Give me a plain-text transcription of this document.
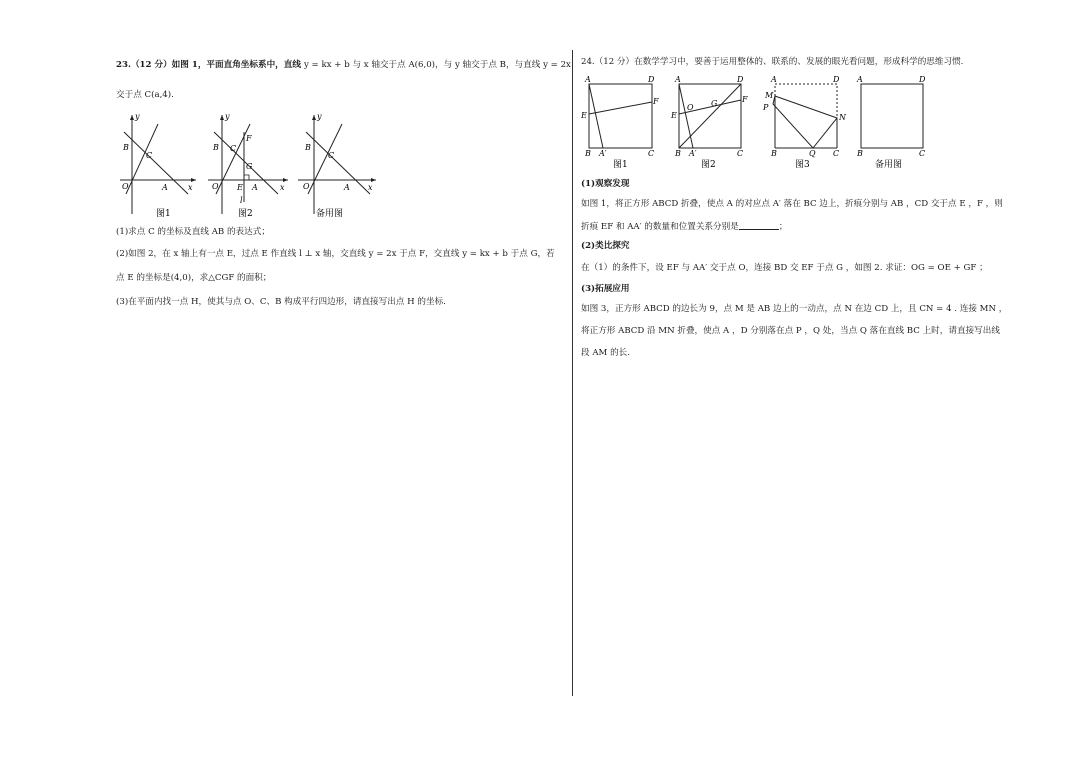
23.（12 分）如图 1，平面直角坐标系中，直线 y = kx + b 与 x 轴交于点 A(6,0)，与 y 轴交于点 B，与直线 y = 2x
交于点 C(a,4).
y
x
O	A
B
C
图1
y
x
O	A
B C
F
G
E
l
图2
y
x
O	A
B
C
备用图
(1)求点 C 的坐标及直线 AB 的表达式；
(2)如图 2，在 x 轴上有一点 E，过点 E 作直线 l ⊥ x 轴，交直线 y = 2x 于点 F，交直线 y = kx + b 于点 G，若
点 E 的坐标是(4,0)，求△CGF 的面积；
(3)在平面内找一点 H，使其与点 O、C、B 构成平行四边形，请直接写出点 H 的坐标.
24.（12 分）在数学学习中，要善于运用整体的、联系的、发展的眼光看问题，形成科学的思维习惯.
A	D
B A′	C
E
F
图1
A	D
B A′	C
E
F
O G
图2
A	D
B	Q C
M
P
N
图3
A	D
B	C
备用图
(1)观察发现
如图 1，将正方形 ABCD 折叠，使点 A 的对应点 A′ 落在 BC 边上，折痕分别与 AB ，CD 交于点 E ，F ，则
折痕 EF 和 AA′ 的数量和位置关系分别是	；
(2)类比探究
在（1）的条件下，设 EF 与 AA′ 交于点 O，连接 BD 交 EF 于点 G ，如图 2. 求证：OG = OE + GF ；
(3)拓展应用
如图 3，正方形 ABCD 的边长为 9，点 M 是 AB 边上的一动点，点 N 在边 CD 上，且 CN = 4 . 连接 MN ，
将正方形 ABCD 沿 MN 折叠，使点 A ，D 分别落在点 P ，Q 处，当点 Q 落在直线 BC 上时，请直接写出线
段 AM 的长.
